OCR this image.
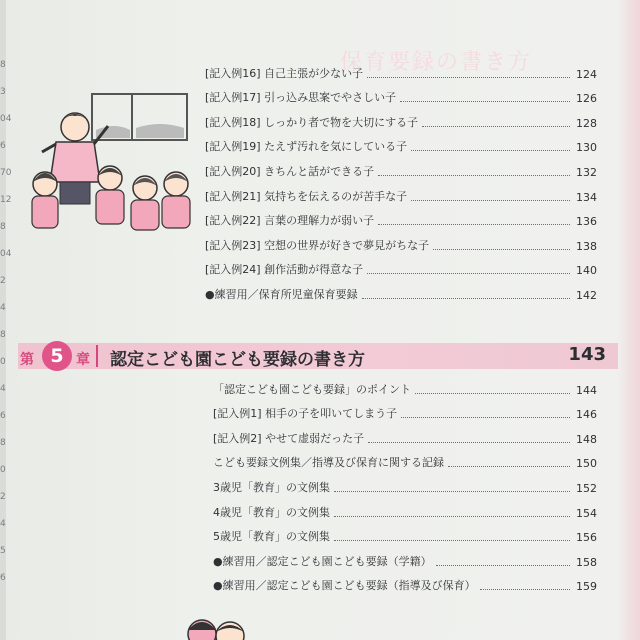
8
3
04
6
70
12
8
04
2
4
8
0
4
6
8
0
2
4
5
6
保育要録の書き方
[記入例16] 自己主張が少ない子	124
[記入例17] 引っ込み思案でやさしい子	126
[記入例18] しっかり者で物を大切にする子	128
[記入例19] たえず汚れを気にしている子	130
[記入例20] きちんと話ができる子	132
[記入例21] 気持ちを伝えるのが苦手な子	134
[記入例22] 言葉の理解力が弱い子	136
[記入例23] 空想の世界が好きで夢見がちな子	138
[記入例24] 創作活動が得意な子	140
●練習用／保育所児童保育要録	142
第 5 章 認定こども園こども要録の書き方	143
「認定こども園こども要録」のポイント	144
[記入例1] 相手の子を叩いてしまう子	146
[記入例2] やせて虚弱だった子	148
こども要録文例集／指導及び保育に関する記録	150
3歳児「教育」の文例集	152
4歳児「教育」の文例集	154
5歳児「教育」の文例集	156
●練習用／認定こども園こども要録（学籍）	158
●練習用／認定こども園こども要録（指導及び保育）	159
